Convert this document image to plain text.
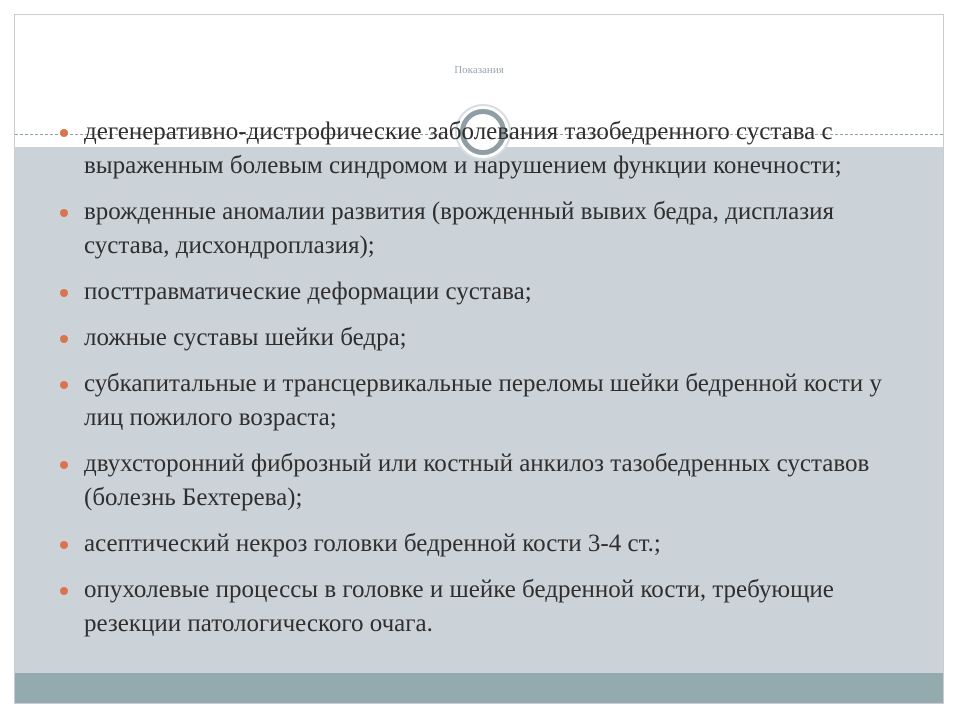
Показания
дегенеративно-дистрофические заболевания тазобедренного сустава с выраженным болевым синдромом и нарушением функции конечности;
врожденные аномалии развития (врожденный вывих бедра, дисплазия сустава, дисхондроплазия);
посттравматические деформации сустава;
ложные суставы шейки бедра;
субкапитальные и трансцервикальные переломы шейки бедренной кости у лиц пожилого возраста;
двухсторонний фиброзный или костный анкилоз тазобедренных суставов (болезнь Бехтерева);
асептический некроз головки бедренной кости 3-4 ст.;
опухолевые процессы в головке и шейке бедренной кости, требующие резекции патологического очага.
